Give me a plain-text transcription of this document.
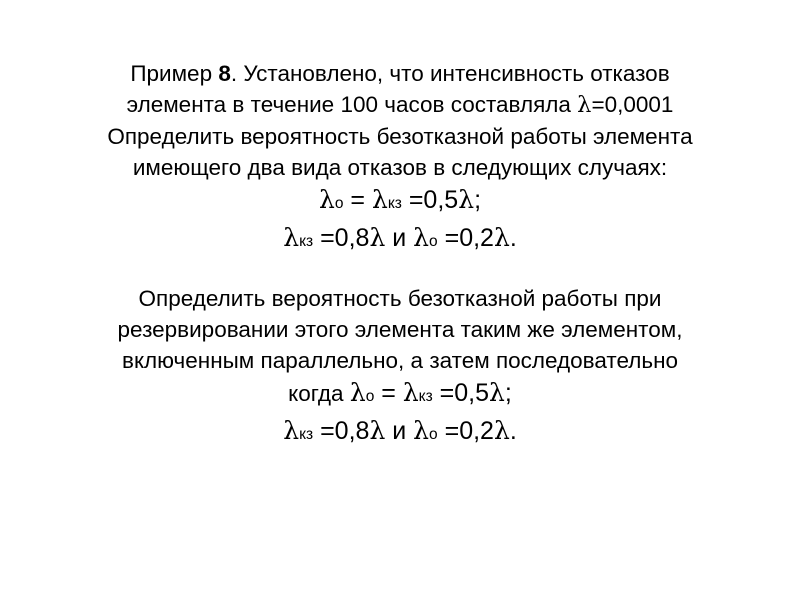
Пример 8. Установлено, что интенсивность отказов
элемента в течение 100 часов составляла λ=0,0001
Определить вероятность безотказной работы элемента
имеющего два вида отказов в следующих случаях:
λо = λкз =0,5λ;
λкз =0,8λ и λо =0,2λ.
Определить вероятность безотказной работы при
резервировании этого элемента таким же элементом,
включенным параллельно, а затем последовательно
когда λо = λкз =0,5λ;
λкз =0,8λ и λо =0,2λ.
